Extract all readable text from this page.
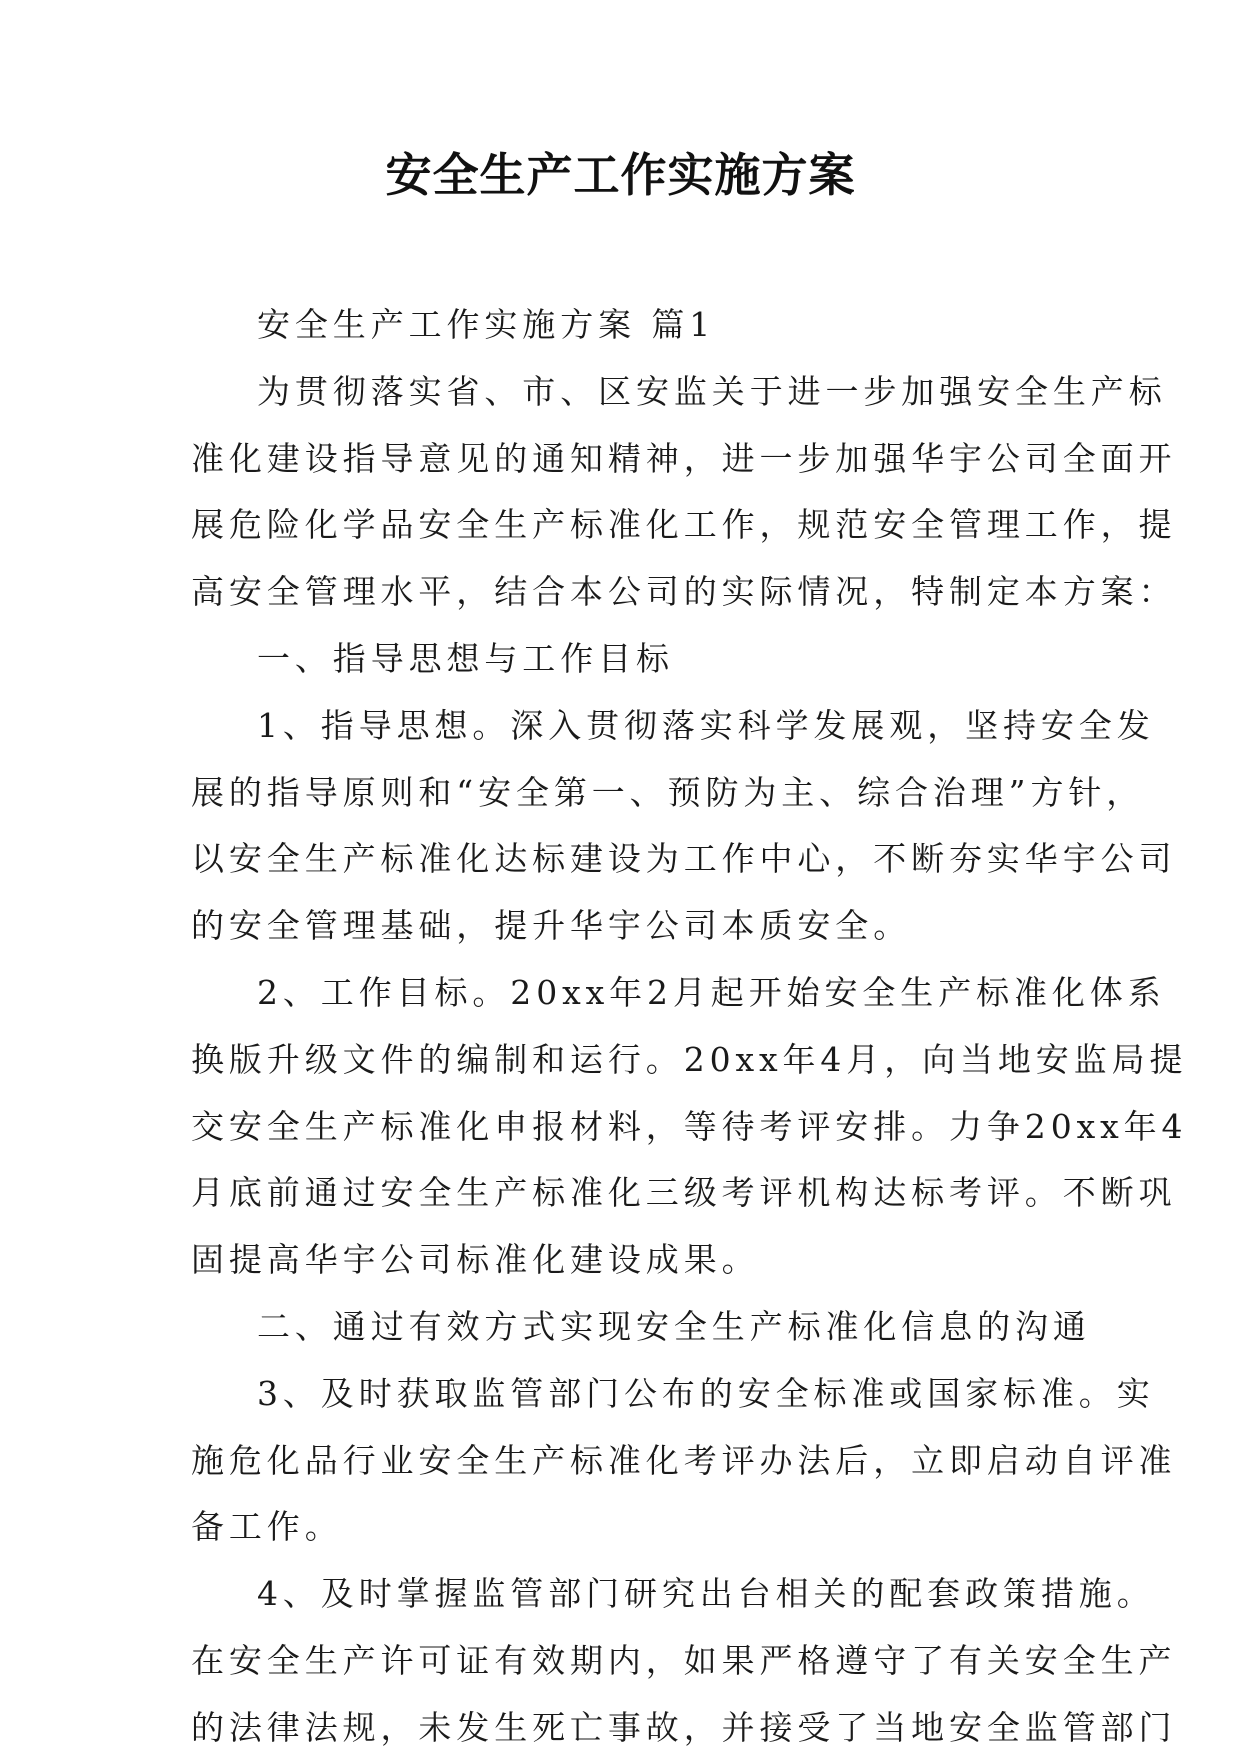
安全生产工作实施方案
安全生产工作实施方案 篇1
为贯彻落实省、市、区安监关于进一步加强安全生产标
准化建设指导意见的通知精神，进一步加强华宇公司全面开
展危险化学品安全生产标准化工作，规范安全管理工作，提
高安全管理水平，结合本公司的实际情况，特制定本方案：
一、指导思想与工作目标
1、指导思想。深入贯彻落实科学发展观，坚持安全发
展的指导原则和“安全第一、预防为主、综合治理”方针，
以安全生产标准化达标建设为工作中心，不断夯实华宇公司
的安全管理基础，提升华宇公司本质安全。
2、工作目标。20xx年2月起开始安全生产标准化体系
换版升级文件的编制和运行。20xx年4月，向当地安监局提
交安全生产标准化申报材料，等待考评安排。力争20xx年4
月底前通过安全生产标准化三级考评机构达标考评。不断巩
固提高华宇公司标准化建设成果。
二、通过有效方式实现安全生产标准化信息的沟通
3、及时获取监管部门公布的安全标准或国家标准。实
施危化品行业安全生产标准化考评办法后，立即启动自评准
备工作。
4、及时掌握监管部门研究出台相关的配套政策措施。
在安全生产许可证有效期内，如果严格遵守了有关安全生产
的法律法规，未发生死亡事故，并接受了当地安全监管部门
